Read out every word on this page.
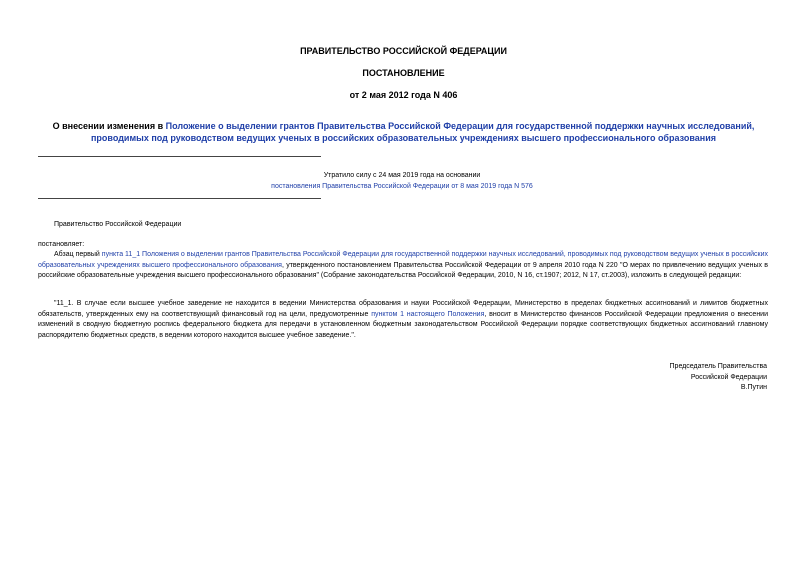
ПРАВИТЕЛЬСТВО РОССИЙСКОЙ ФЕДЕРАЦИИ
ПОСТАНОВЛЕНИЕ
от 2 мая 2012 года N 406
О внесении изменения в Положение о выделении грантов Правительства Российской Федерации для государственной поддержки научных исследований, проводимых под руководством ведущих ученых в российских образовательных учреждениях высшего профессионального образования
Утратило силу с 24 мая 2019 года на основании
постановления Правительства Российской Федерации от 8 мая 2019 года N 576
Правительство Российской Федерации
постановляет:
Абзац первый пункта 11_1 Положения о выделении грантов Правительства Российской Федерации для государственной поддержки научных исследований, проводимых под руководством ведущих ученых в российских образовательных учреждениях высшего профессионального образования, утвержденного постановлением Правительства Российской Федерации от 9 апреля 2010 года N 220 "О мерах по привлечению ведущих ученых в российские образовательные учреждения высшего профессионального образования" (Собрание законодательства Российской Федерации, 2010, N 16, ст.1907; 2012, N 17, ст.2003), изложить в следующей редакции:
"11_1. В случае если высшее учебное заведение не находится в ведении Министерства образования и науки Российской Федерации, Министерство в пределах бюджетных ассигнований и лимитов бюджетных обязательств, утвержденных ему на соответствующий финансовый год на цели, предусмотренные пунктом 1 настоящего Положения, вносит в Министерство финансов Российской Федерации предложения о внесении изменений в сводную бюджетную роспись федерального бюджета для передачи в установленном бюджетным законодательством Российской Федерации порядке соответствующих бюджетных ассигнований главному распорядителю бюджетных средств, в ведении которого находится высшее учебное заведение.".
Председатель Правительства
Российской Федерации
В.Путин
